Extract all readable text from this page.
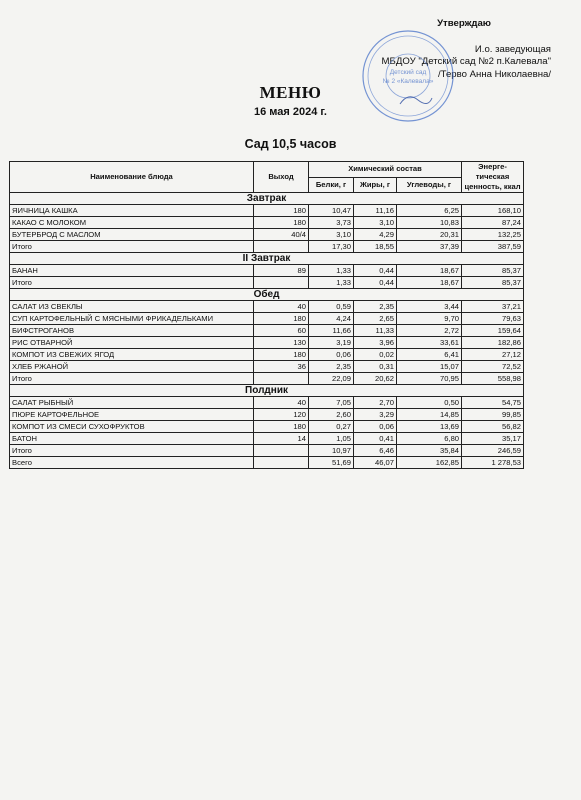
Утверждаю
И.о. заведующая
МБДОУ "Детский сад №2 п.Калевала"
/Терво Анна Николаевна/
Детский сад
№ 2 «Калевала»
МЕНЮ
16 мая 2024 г.
Сад 10,5 часов
Наименование блюда	Выход	Химический состав			Энерге-тическая ценность, ккал
		Белки, г	Жиры, г	Углеводы, г	
Завтрак					
ЯИЧНИЦА КАШКА	180	10,47	11,16	6,25	168,10
КАКАО С МОЛОКОМ	180	3,73	3,10	10,83	87,24
БУТЕРБРОД С МАСЛОМ	40/4	3,10	4,29	20,31	132,25
Итого		17,30	18,55	37,39	387,59
II Завтрак					
БАНАН	89	1,33	0,44	18,67	85,37
Итого		1,33	0,44	18,67	85,37
Обед					
САЛАТ ИЗ СВЕКЛЫ	40	0,59	2,35	3,44	37,21
СУП КАРТОФЕЛЬНЫЙ С МЯСНЫМИ ФРИКАДЕЛЬКАМИ	180	4,24	2,65	9,70	79,63
БИФСТРОГАНОВ	60	11,66	11,33	2,72	159,64
РИС ОТВАРНОЙ	130	3,19	3,96	33,61	182,86
КОМПОТ ИЗ СВЕЖИХ ЯГОД	180	0,06	0,02	6,41	27,12
ХЛЕБ РЖАНОЙ	36	2,35	0,31	15,07	72,52
Итого		22,09	20,62	70,95	558,98
Полдник					
САЛАТ РЫБНЫЙ	40	7,05	2,70	0,50	54,75
ПЮРЕ КАРТОФЕЛЬНОЕ	120	2,60	3,29	14,85	99,85
КОМПОТ ИЗ СМЕСИ СУХОФРУКТОВ	180	0,27	0,06	13,69	56,82
БАТОН	14	1,05	0,41	6,80	35,17
Итого		10,97	6,46	35,84	246,59
Всего		51,69	46,07	162,85	1 278,53
